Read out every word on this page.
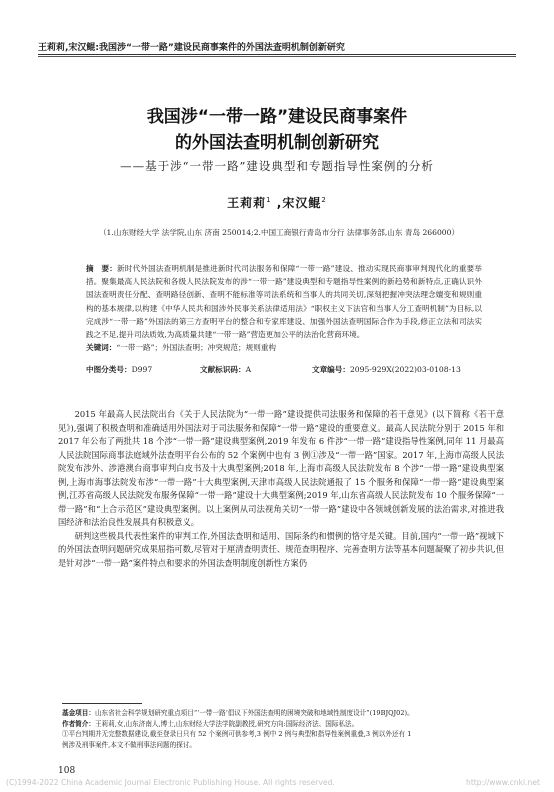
王莉莉,宋汉鲲:我国涉“一带一路”建设民商事案件的外国法查明机制创新研究
我国涉“一带一路”建设民商事案件
的外国法查明机制创新研究
——基于涉“一带一路”建设典型和专题指导性案例的分析
王莉莉$^1$ ,宋汉鲲$^2$
（1.山东财经大学 法学院,山东 济南 250014;2.中国工商银行青岛市分行 法律事务部,山东 青岛 266000）
摘　要：新时代外国法查明机制是推进新时代司法服务和保障“一带一路”建设、推动实现民商事审判现代化的重要举措。聚集最高人民法院和各级人民法院发布的涉“一带一路”建设典型和专题指导性案例的新趋势和新特点,正确认识外国法查明责任分配、查明路径创新、查明不能标准等司法系统和当事人的共同关切,深刻把握冲突法理念嬗变和规则重构的基本规律,以构建《中华人民共和国涉外民事关系法律适用法》“职权主义下法官和当事人分工查明机制”为目标,以完成涉“一带一路”外国法的第三方查明平台的整合和专家库建设、加强外国法查明国际合作为手段,修正立法和司法实践之不足,提升司法质效,为高质量共建“一带一路”营造更加公平的法治化营商环境。
关键词：“一带一路”；外国法查明；冲突规范；规则重构
中图分类号：D997	文献标识码：A	文章编号：2095-929X(2022)03-0108-13

2015 年最高人民法院出台《关于人民法院为“一带一路”建设提供司法服务和保障的若干意见》(以下简称《若干意见》),强调了积极查明和准确适用外国法对于司法服务和保障“一带一路”建设的重要意义。最高人民法院分别于 2015 年和 2017 年公布了两批共 18 个涉“一带一路”建设典型案例,2019 年发布 6 件涉“一带一路”建设指导性案例,同年 11 月最高人民法院国际商事法庭域外法查明平台公布的 52 个案例中也有 3 例①涉及“一带一路”国家。2017 年,上海市高级人民法院发布涉外、涉港澳台商事审判白皮书及十大典型案例;2018 年,上海市高级人民法院发布 8 个涉“一带一路”建设典型案例,上海市海事法院发布涉“一带一路”十大典型案例,天津市高级人民法院通报了 15 个服务和保障“一带一路”建设典型案例,江苏省高级人民法院发布服务保障“一带一路”建设十大典型案例;2019 年,山东省高级人民法院发布 10 个服务保障“一带一路”和“上合示范区”建设典型案例。以上案例从司法视角关切“一带一路”建设中各领域创新发展的法治需求,对推进我国经济和法治良性发展具有积极意义。

研判这些极具代表性案件的审判工作,外国法查明和适用、国际条约和惯例的恪守是关键。目前,国内“一带一路”视域下的外国法查明问题研究成果屈指可数,尽管对于厘清查明责任、规范查明程序、完善查明方法等基本问题凝聚了初步共识,但是针对涉“一带一路”案件特点和要求的外国法查明制度创新性方案仍

基金项目：山东省社会科学规划研究重点项目“‘一带一路’倡议下外国法查明的困境突破和地域性制度设计”(19BJQJ02)。
作者简介：王莉莉,女,山东济南人,博士,山东财经大学法学院副教授,研究方向:国际经济法、国际私法。
①平台判期并无完整数据建设,截至登录日只有 52 个案例可供参考,3 例中 2 例与典型和指导性案例重叠,3 例以外还有 1
例涉及刑事案件,本文不做刑事法问题的探讨。
108
(C)1994-2022 China Academic Journal Electronic Publishing House. All rights reserved.	http://www.cnki.net
